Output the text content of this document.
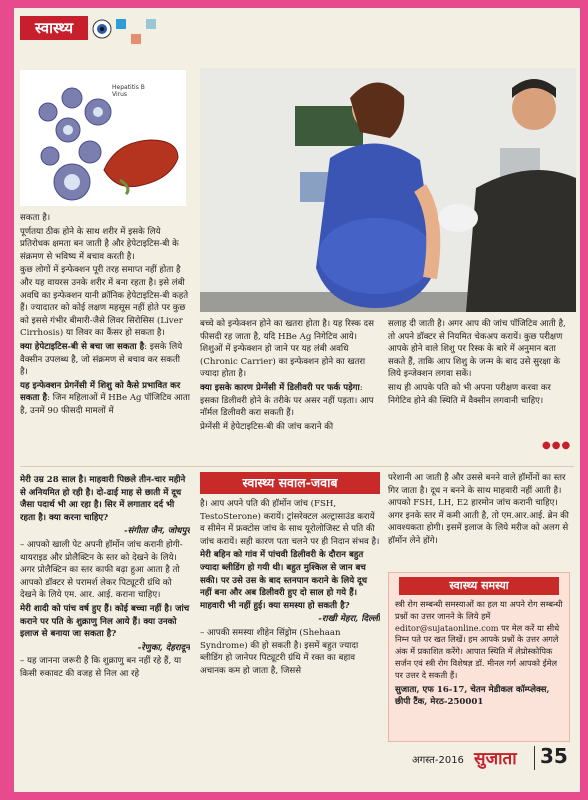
स्वास्थ्य
Hepatitis B Virus

सकता है।

पूर्णतया ठीक होने के साथ शरीर में इसके लिये प्रतिरोधक क्षमता बन जाती है और हेपेटाइटिस-बी के संक्रमण से भविष्य में बचाव करती है।

कुछ लोगों में इन्फेक्शन पूरी तरह समाप्त नहीं होता है और यह वायरस उनके शरीर में बना रहता है। इसे लंबी अवधि का इन्फेक्शन यानी क्रॉनिक हेपेटाइटिस-बी कहते हैं। ज्यादातर को कोई लक्षण महसूस नहीं होते पर कुछ को इससे गंभीर बीमारी-जैसे लिवर सिरोसिस (Liver Cirrhosis) या लिवर का कैंसर हो सकता है।

क्या हेपेटाइटिस-बी से बचा जा सकता है: इसके लिये वैक्सीन उपलब्ध है, जो संक्रमण से बचाव कर सकती है।

यह इन्फेक्शन प्रेगनेंसी में शिशु को कैसे प्रभावित कर सकता है: जिन महिलाओं में HBe Ag पॉजिटिव आता है, उनमें 90 फीसदी मामलों में

बच्चे को इन्फेक्शन होने का खतरा होता है। यह रिस्क दस फीसदी रह जाता है, यदि HBe Ag निगेटिव आये। शिशुओं में इन्फेक्शन हो जाने पर यह लंबी अवधि (Chronic Carrier) का इन्फेक्शन होने का खतरा ज्यादा होता है।

क्या इसके कारण प्रेग्नेंसी में डिलीवरी पर फर्क पड़ेगा: इसका डिलीवरी होने के तरीके पर असर नहीं पड़ता। आप नॉर्मल डिलीवरी करा सकती हैं।

प्रेग्नेंसी में हेपेटाइटिस-बी की जांच कराने की

सलाह दी जाती है। अगर आप की जांच पॉजिटिव आती है, तो अपने डॉक्टर से नियमित चेकअप करायें। कुछ परीक्षण आपके होने वाले शिशु पर रिस्क के बारे में अनुमान बता सकते हैं, ताकि आप शिशु के जन्म के बाद उसे सुरक्षा के लिये इन्जेक्शन लगवा सकें।

साथ ही आपके पति को भी अपना परीक्षण करवा कर निगेटिव होने की स्थिति में वैक्सीन लगवानी चाहिए।

●●●
स्वास्थ्य सवाल-जवाब

मेरी उम्र 28 साल है। माहवारी पिछले तीन-चार महीने से अनियमित हो रही है। दो-ढाई माह से छाती में दूध जैसा पदार्थ भी आ रहा है। सिर में लगातार दर्द भी रहता है। क्या करना चाहिए?

-संगीता जैन, जोधपुर

– आपको खाली पेट अपनी हॉर्मोन जांच करानी होगी- थायराइड और प्रोलैक्टिन के स्तर को देखने के लिये। अगर प्रोलैक्टिन का स्तर काफी बढ़ा हुआ आता है तो आपको डॉक्टर से परामर्श लेकर पिट्यूटरी ग्रंथि को देखने के लिये एम. आर. आई. कराना चाहिए।

मेरी शादी को पांच वर्ष हुए हैं। कोई बच्चा नहीं है। जांच कराने पर पति के शुक्राणु निल आये हैं। क्या उनको इलाज से बनाया जा सकता है?

-रेणुका, देहरादून

– यह जानना जरूरी है कि शुक्राणु बन नहीं रहे हैं, या किसी रुकावट की वजह से निल आ रहे

है। आप अपने पति की हॉर्मोन जांच (FSH, TestoSterone) करायें। ट्रांसरेक्टल अल्ट्रासाउंड करायें व सीमेन में फ्रक्टोस जांच के साथ यूरोलोजिस्ट से पति की जांच करायें। सही कारण पता चलने पर ही निदान संभव है।

मेरी बहिन को गांव में पांचवी डिलीवरी के दौरान बहुत ज्यादा ब्लीडिंग हो गयी थी। बहुत मुश्किल से जान बच सकी। पर उसे उस के बाद स्तनपान कराने के लिये दूध नहीं बना और अब डिलीवरी हुए दो साल हो गये हैं। माहवारी भी नहीं हुई। क्या समस्या हो सकती है?

-राखी मेहरा, दिल्ली

– आपकी समस्या शीहेन सिंड्रोम (Shehaan Syndrome) की हो सकती है। इसमें बहुत ज्यादा ब्लीडिंग हो जानेपर पिट्यूटरी ग्रंथि में रक्त का बहाव अचानक कम हो जाता है, जिससे

परेशानी आ जाती है और उससे बनने वाले हॉर्मोनों का स्तर गिर जाता है। दूध न बनने के साथ माहवारी नहीं आती है। आपको FSH, LH, E2 हारमोन जांच करानी चाहिए। अगर इनके स्तर में कमी आती है, तो एम.आर.आई. ब्रेन की आवश्यकता होगी। इसमें इलाज के लिये मरीज को अलग से हॉर्मोन लेने होंगे।

स्वास्थ्य समस्या
स्त्री रोग सम्बन्धी समस्याओं का हल या अपने रोग सम्बन्धी प्रश्नों का उत्तर जानने के लिये हमें editor@sujataonline.com पर मेल करें या सीधे निम्न पते पर खत लिखें। हम आपके प्रश्नों के उत्तर अगले अंक में प्रकाशित करेंगे। आपात स्थिति में लेप्रोस्कोपिक सर्जन एवं स्त्री रोग विशेषज्ञ डॉ. मीनल गर्ग आपको ईमेल पर उत्तर दे सकती हैं।
सुजाता, एफ 16-17, चेतन मेडीकल कॉम्प्लेक्स, छीपी टैंक, मेरठ-250001
अगस्त-2016 सुजाता 35
